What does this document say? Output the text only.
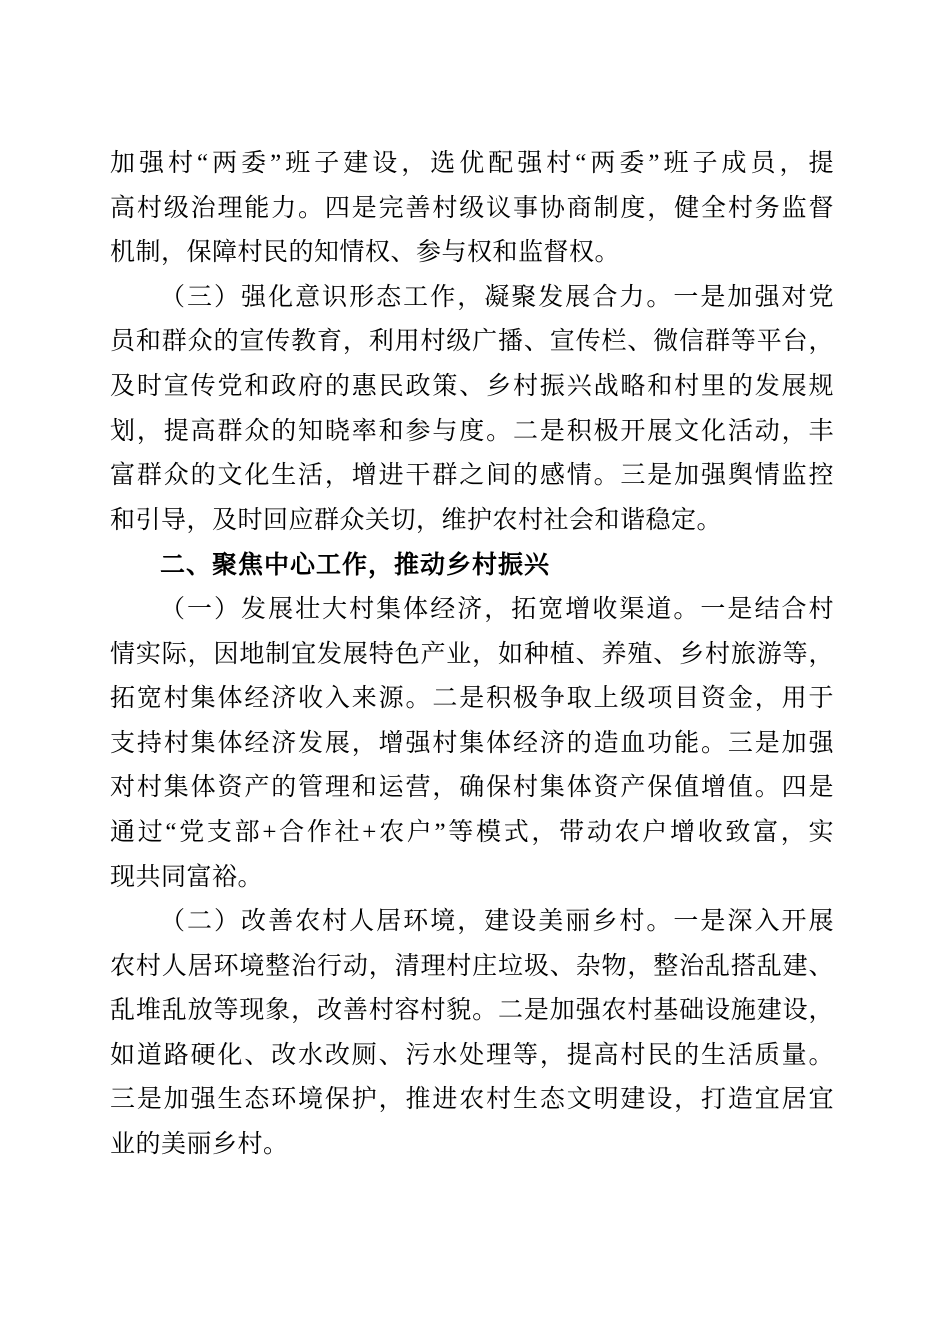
加强村“两委”班子建设，选优配强村“两委”班子成员，提
高村级治理能力。四是完善村级议事协商制度，健全村务监督
机制，保障村民的知情权、参与权和监督权。
（三）强化意识形态工作，凝聚发展合力。一是加强对党
员和群众的宣传教育，利用村级广播、宣传栏、微信群等平台，
及时宣传党和政府的惠民政策、乡村振兴战略和村里的发展规
划，提高群众的知晓率和参与度。二是积极开展文化活动，丰
富群众的文化生活，增进干群之间的感情。三是加强舆情监控
和引导，及时回应群众关切，维护农村社会和谐稳定。
二、聚焦中心工作，推动乡村振兴
（一）发展壮大村集体经济，拓宽增收渠道。一是结合村
情实际，因地制宜发展特色产业，如种植、养殖、乡村旅游等，
拓宽村集体经济收入来源。二是积极争取上级项目资金，用于
支持村集体经济发展，增强村集体经济的造血功能。三是加强
对村集体资产的管理和运营，确保村集体资产保值增值。四是
通过“党支部+合作社+农户”等模式，带动农户增收致富，实
现共同富裕。
（二）改善农村人居环境，建设美丽乡村。一是深入开展
农村人居环境整治行动，清理村庄垃圾、杂物，整治乱搭乱建、
乱堆乱放等现象，改善村容村貌。二是加强农村基础设施建设，
如道路硬化、改水改厕、污水处理等，提高村民的生活质量。
三是加强生态环境保护，推进农村生态文明建设，打造宜居宜
业的美丽乡村。
